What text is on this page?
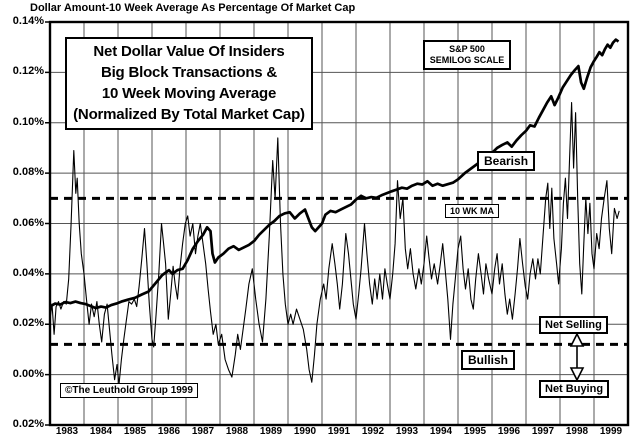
Dollar Amount-10 Week Average As Percentage Of Market Cap
0.14%
0.12%
0.10%
0.08%
0.06%
0.04%
0.02%
0.00%
0.02%
1983	1984	1985	1986	1987	1988	1989	1990	1991	1992	1993	1994	1995	1996	1997	1998	1999
Net Dollar Value Of Insiders
Big Block Transactions &
10 Week Moving Average
(Normalized By Total Market Cap)
S&P 500
SEMILOG SCALE
Bearish
10 WK MA
Bullish
Net Selling
Net Buying
©The Leuthold Group 1999
